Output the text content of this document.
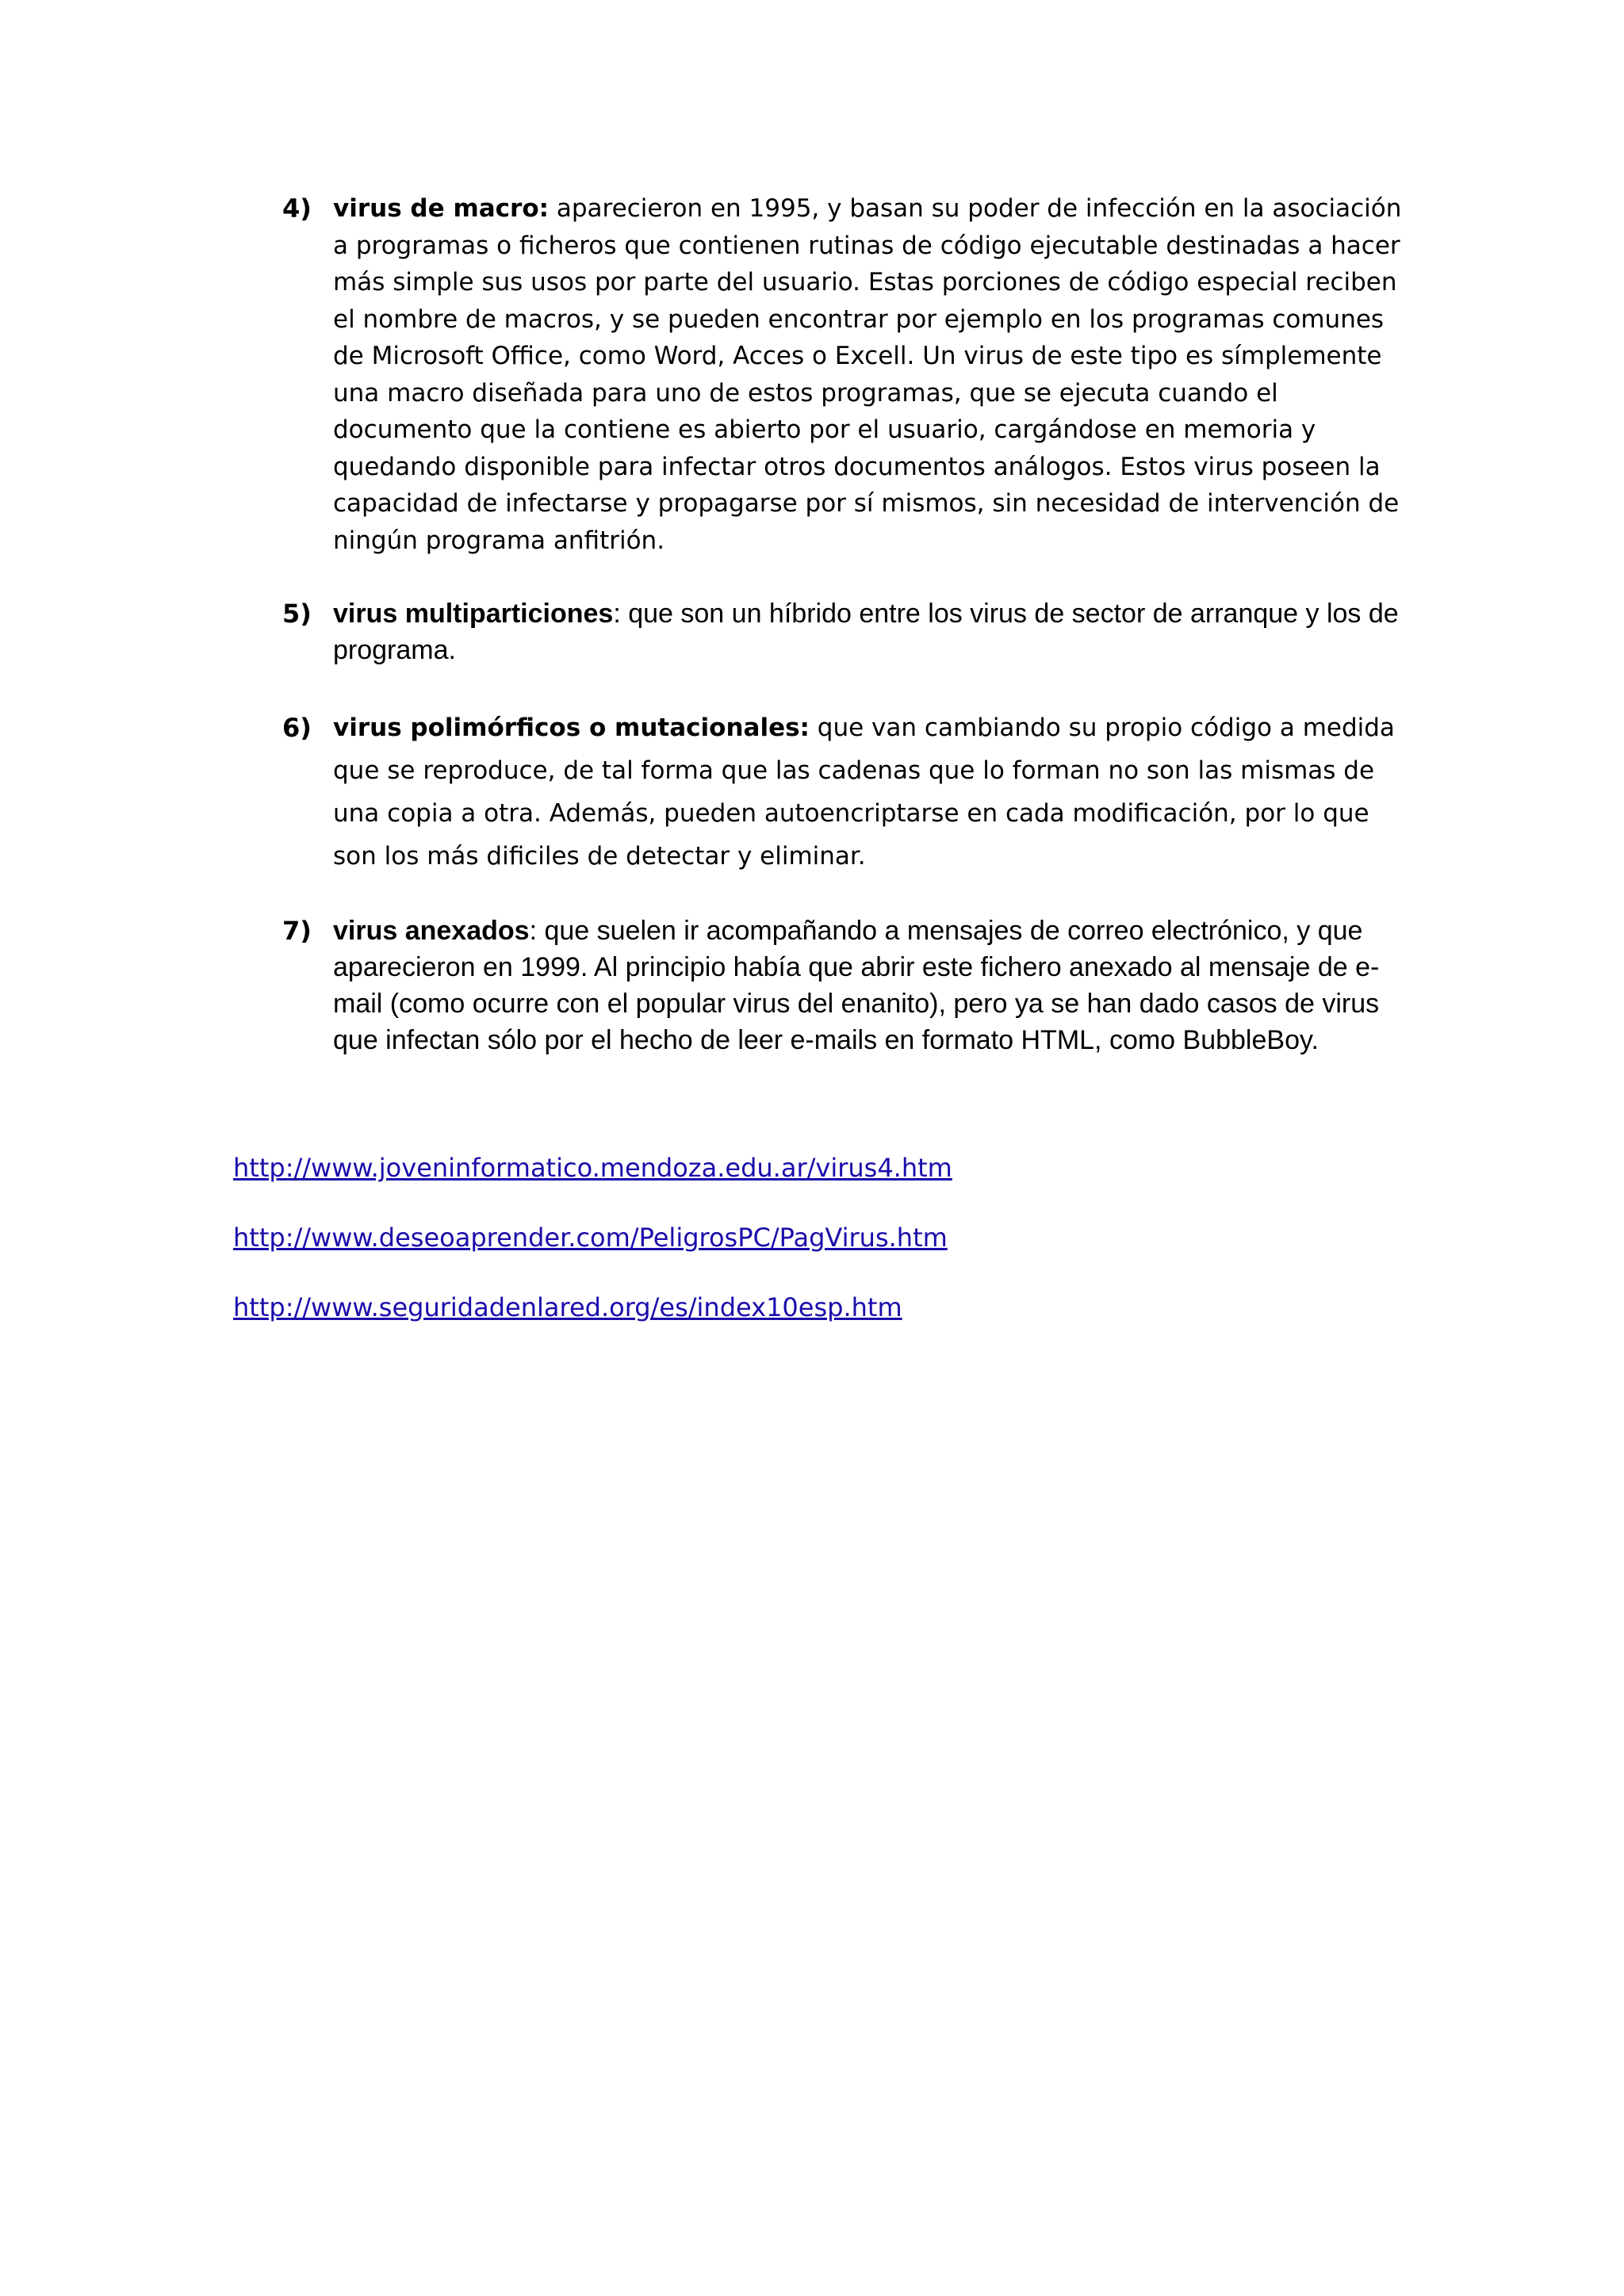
4) virus de macro: aparecieron en 1995, y basan su poder de infección en la asociación a programas o ficheros que contienen rutinas de código ejecutable destinadas a hacer más simple sus usos por parte del usuario. Estas porciones de código especial reciben el nombre de macros, y se pueden encontrar por ejemplo en los programas comunes de Microsoft Office, como Word, Acces o Excell. Un virus de este tipo es símplemente una macro diseñada para uno de estos programas, que se ejecuta cuando el documento que la contiene es abierto por el usuario, cargándose en memoria y quedando disponible para infectar otros documentos análogos. Estos virus poseen la capacidad de infectarse y propagarse por sí mismos, sin necesidad de intervención de ningún programa anfitrión.
5) virus multiparticiones: que son un híbrido entre los virus de sector de arranque y los de programa.
6) virus polimórficos o mutacionales: que van cambiando su propio código a medida que se reproduce, de tal forma que las cadenas que lo forman no son las mismas de una copia a otra. Además, pueden autoencriptarse en cada modificación, por lo que son los más dificiles de detectar y eliminar.
7) virus anexados: que suelen ir acompañando a mensajes de correo electrónico, y que aparecieron en 1999. Al principio había que abrir este fichero anexado al mensaje de e-mail (como ocurre con el popular virus del enanito), pero ya se han dado casos de virus que infectan sólo por el hecho de leer e-mails en formato HTML, como BubbleBoy.
http://www.joveninformatico.mendoza.edu.ar/virus4.htm
http://www.deseoaprender.com/PeligrosPC/PagVirus.htm
http://www.seguridadenlared.org/es/index10esp.htm
